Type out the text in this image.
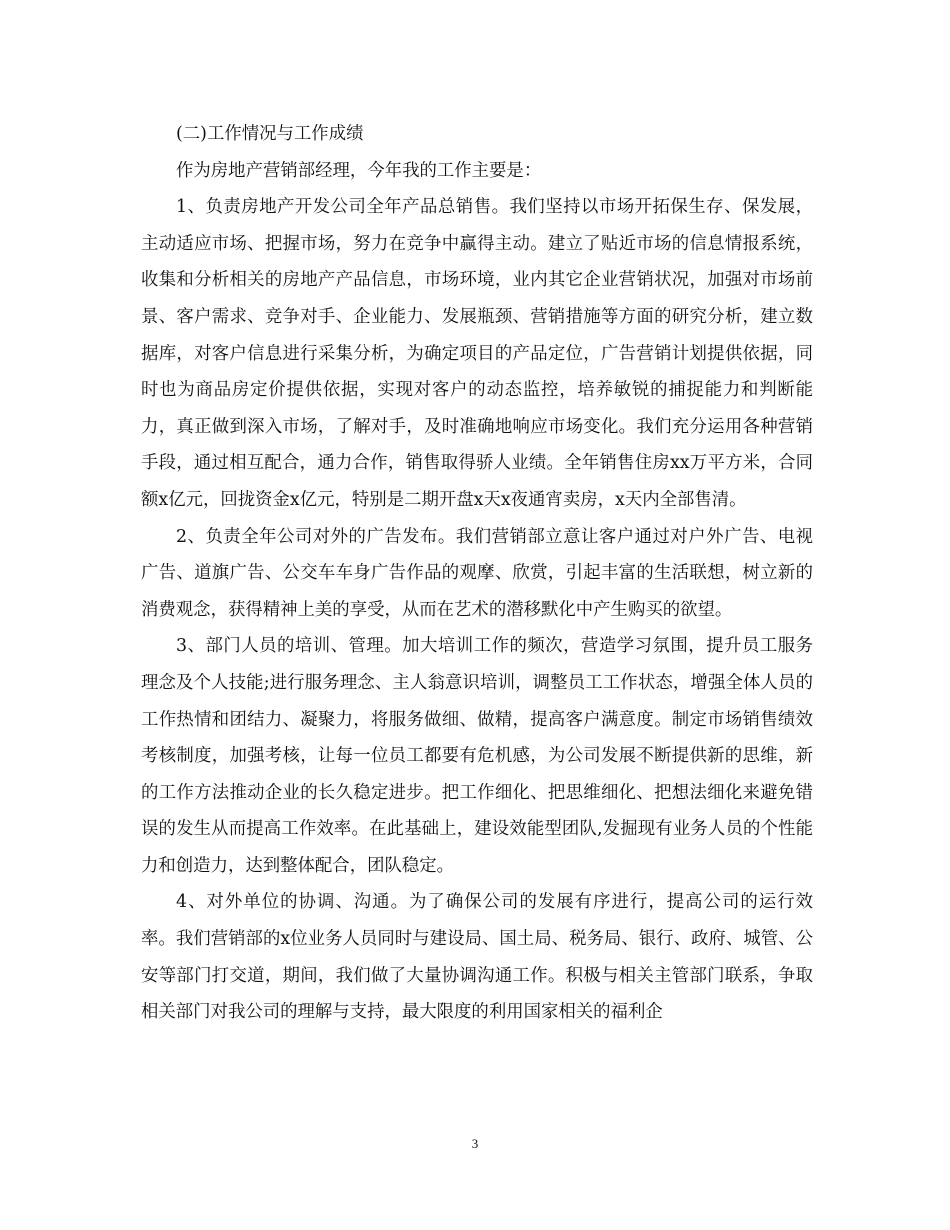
(二)工作情况与工作成绩

作为房地产营销部经理，今年我的工作主要是：

1、负责房地产开发公司全年产品总销售。我们坚持以市场开拓保生存、保发展，主动适应市场、把握市场，努力在竞争中赢得主动。建立了贴近市场的信息情报系统，收集和分析相关的房地产产品信息，市场环境，业内其它企业营销状况，加强对市场前景、客户需求、竞争对手、企业能力、发展瓶颈、营销措施等方面的研究分析，建立数据库，对客户信息进行采集分析，为确定项目的产品定位，广告营销计划提供依据，同时也为商品房定价提供依据，实现对客户的动态监控，培养敏锐的捕捉能力和判断能力，真正做到深入市场，了解对手，及时准确地响应市场变化。我们充分运用各种营销手段，通过相互配合，通力合作，销售取得骄人业绩。全年销售住房xx万平方米，合同额x亿元，回拢资金x亿元，特别是二期开盘x天x夜通宵卖房，x天内全部售清。

2、负责全年公司对外的广告发布。我们营销部立意让客户通过对户外广告、电视广告、道旗广告、公交车车身广告作品的观摩、欣赏，引起丰富的生活联想，树立新的消费观念，获得精神上美的享受，从而在艺术的潜移默化中产生购买的欲望。

3、部门人员的培训、管理。加大培训工作的频次，营造学习氛围，提升员工服务理念及个人技能;进行服务理念、主人翁意识培训，调整员工工作状态，增强全体人员的工作热情和团结力、凝聚力，将服务做细、做精，提高客户满意度。制定市场销售绩效考核制度，加强考核，让每一位员工都要有危机感，为公司发展不断提供新的思维，新的工作方法推动企业的长久稳定进步。把工作细化、把思维细化、把想法细化来避免错误的发生从而提高工作效率。在此基础上，建设效能型团队,发掘现有业务人员的个性能力和创造力，达到整体配合，团队稳定。

4、对外单位的协调、沟通。为了确保公司的发展有序进行，提高公司的运行效率。我们营销部的x位业务人员同时与建设局、国土局、税务局、银行、政府、城管、公安等部门打交道，期间，我们做了大量协调沟通工作。积极与相关主管部门联系，争取相关部门对我公司的理解与支持，最大限度的利用国家相关的福利企

3
